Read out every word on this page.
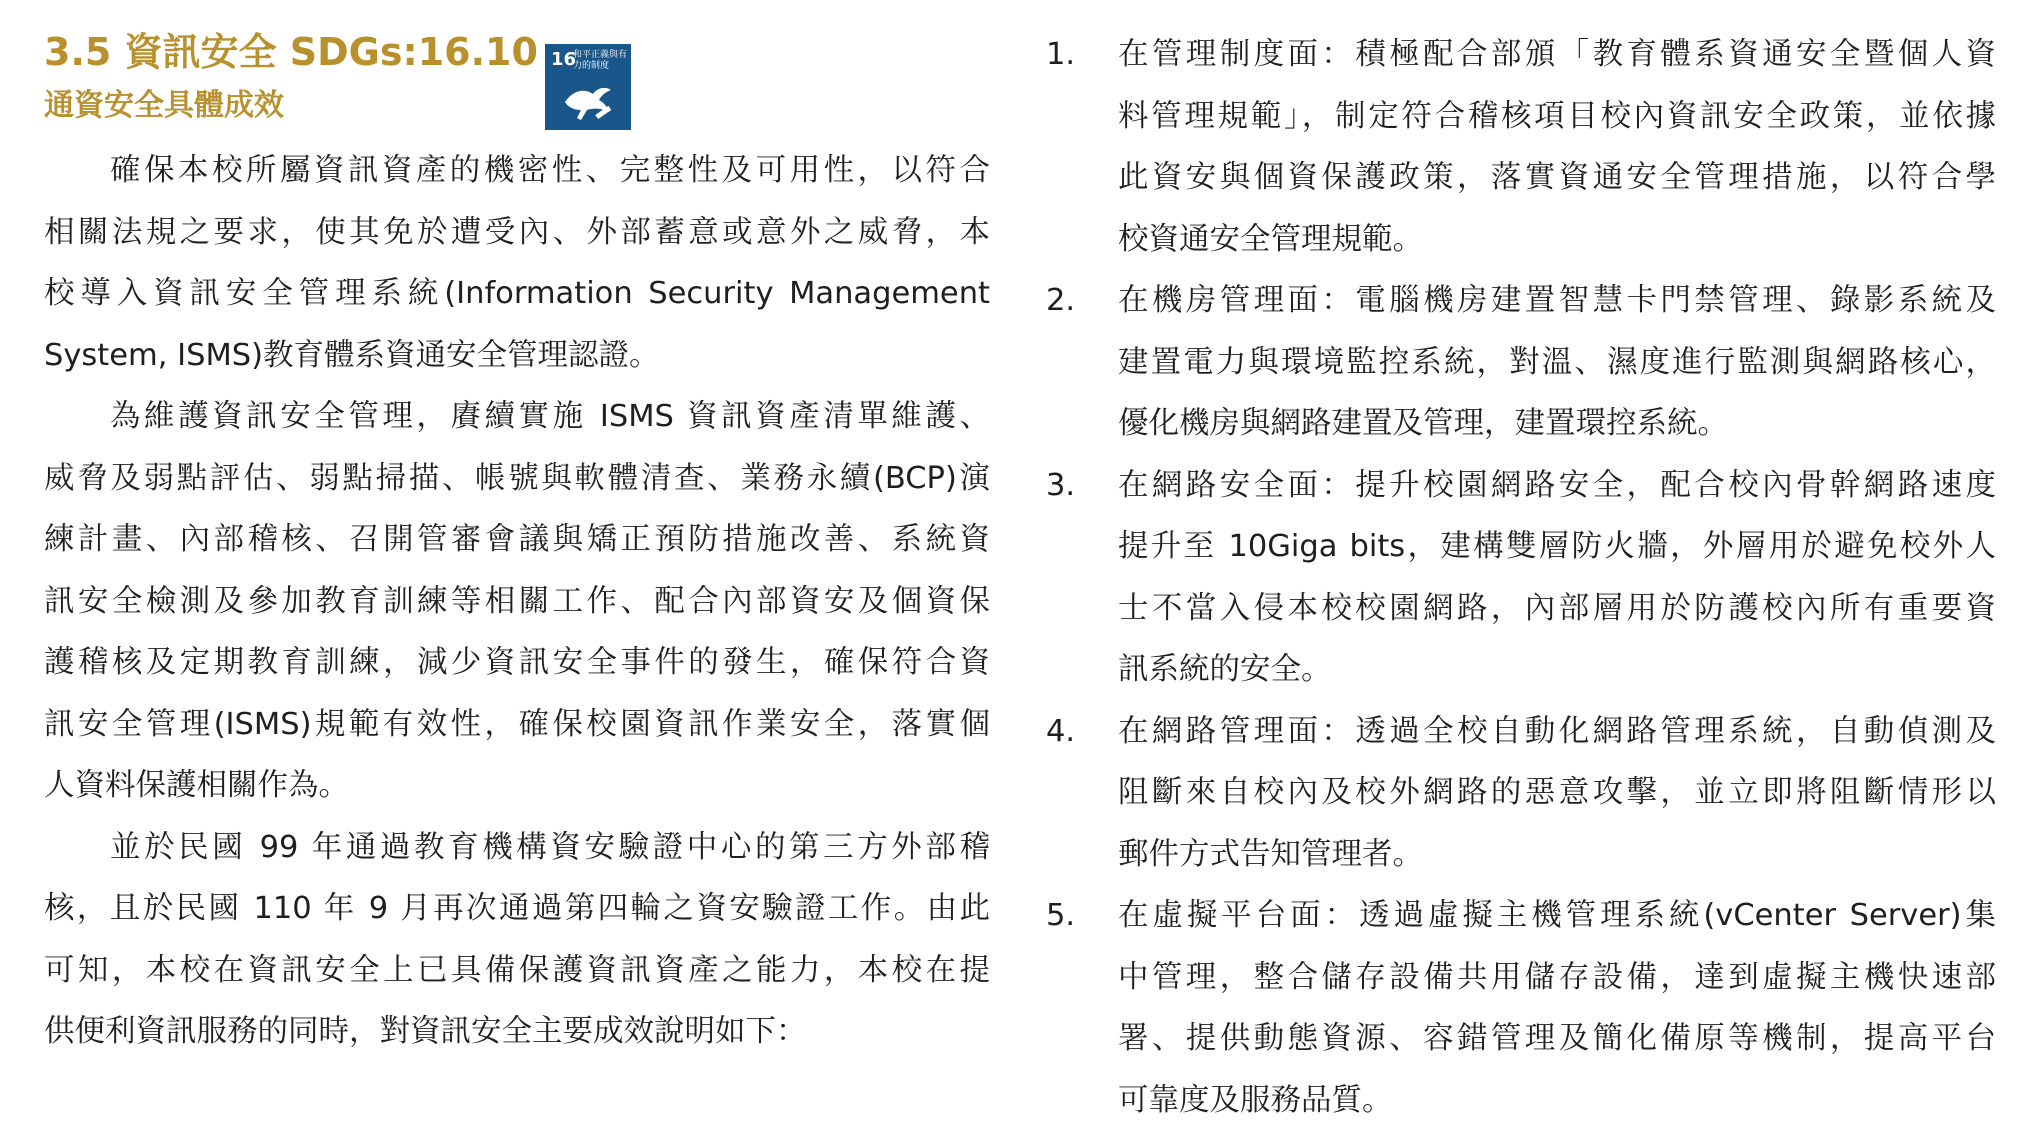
3.5 資訊安全 SDGs:16.10
通資安全具體成效
確保本校所屬資訊資產的機密性、完整性及可用性，以符合
相關法規之要求，使其免於遭受內、外部蓄意或意外之威脅，本
校導入資訊安全管理系統(Information Security Management
System, ISMS)教育體系資通安全管理認證。
為維護資訊安全管理，賡續實施 ISMS 資訊資產清單維護、
威脅及弱點評估、弱點掃描、帳號與軟體清查、業務永續(BCP)演
練計畫、內部稽核、召開管審會議與矯正預防措施改善、系統資
訊安全檢測及參加教育訓練等相關工作、配合內部資安及個資保
護稽核及定期教育訓練，減少資訊安全事件的發生，確保符合資
訊安全管理(ISMS)規範有效性，確保校園資訊作業安全，落實個
人資料保護相關作為。
並於民國 99 年通過教育機構資安驗證中心的第三方外部稽
核，且於民國 110 年 9 月再次通過第四輪之資安驗證工作。由此
可知，本校在資訊安全上已具備保護資訊資產之能力，本校在提
供便利資訊服務的同時，對資訊安全主要成效說明如下：
16
和平正義與有力的制度	1. 在管理制度面：積極配合部頒「教育體系資通安全暨個人資
料管理規範」，制定符合稽核項目校內資訊安全政策，並依據
此資安與個資保護政策，落實資通安全管理措施，以符合學
校資通安全管理規範。
2. 在機房管理面：電腦機房建置智慧卡門禁管理、錄影系統及
建置電力與環境監控系統，對溫、濕度進行監測與網路核心，
優化機房與網路建置及管理，建置環控系統。
3. 在網路安全面：提升校園網路安全，配合校內骨幹網路速度
提升至 10Giga bits，建構雙層防火牆，外層用於避免校外人
士不當入侵本校校園網路，內部層用於防護校內所有重要資
訊系統的安全。
4. 在網路管理面：透過全校自動化網路管理系統，自動偵測及
阻斷來自校內及校外網路的惡意攻擊，並立即將阻斷情形以
郵件方式告知管理者。
5. 在虛擬平台面：透過虛擬主機管理系統(vCenter Server)集
中管理，整合儲存設備共用儲存設備，達到虛擬主機快速部
署、提供動態資源、容錯管理及簡化備原等機制，提高平台
可靠度及服務品質。
